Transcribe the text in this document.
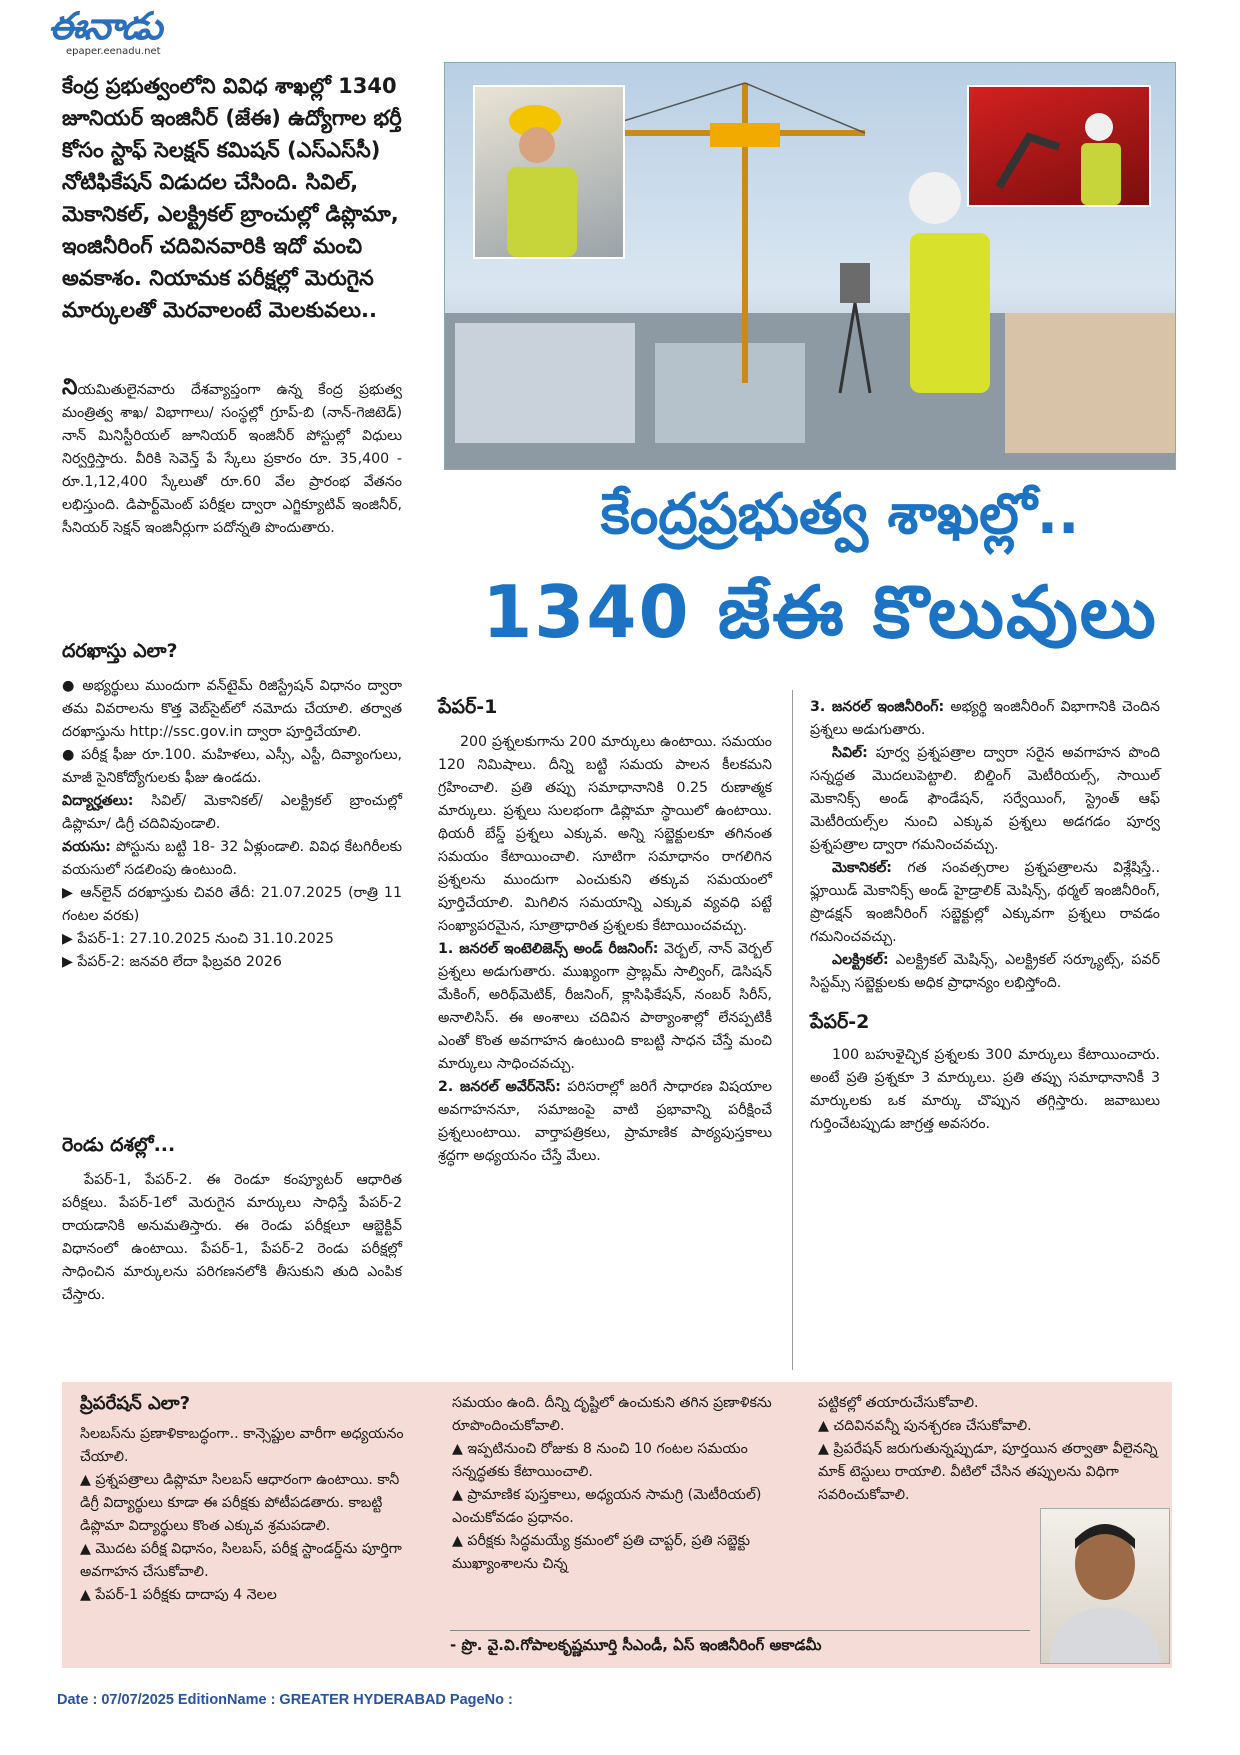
ఈనాడు
epaper.eenadu.net
కేంద్ర ప్రభుత్వంలోని వివిధ శాఖల్లో 1340 జూనియర్ ఇంజినీర్ (జేఈ) ఉద్యోగాల భర్తీ కోసం స్టాఫ్ సెలక్షన్ కమిషన్ (ఎస్ఎస్‌సీ) నోటిఫికేషన్ విడుదల చేసింది. సివిల్, మెకానికల్, ఎలక్ట్రికల్ బ్రాంచుల్లో డిప్లొమా, ఇంజినీరింగ్ చదివినవారికి ఇదో మంచి అవకాశం. నియామక పరీక్షల్లో మెరుగైన మార్కులతో మెరవాలంటే మెలకువలు..
నియమితులైనవారు దేశవ్యాప్తంగా ఉన్న కేంద్ర ప్రభుత్వ మంత్రిత్వ శాఖ/ విభాగాలు/ సంస్థల్లో గ్రూప్-బి (నాన్-గెజిటెడ్) నాన్ మినిస్టీరియల్ జూనియర్ ఇంజినీర్ పోస్టుల్లో విధులు నిర్వర్తిస్తారు. వీరికి సెవెన్త్ పే స్కేలు ప్రకారం రూ. 35,400 - రూ.1,12,400 స్కేలుతో రూ.60 వేల ప్రారంభ వేతనం లభిస్తుంది. డిపార్ట్‌మెంట్ పరీక్షల ద్వారా ఎగ్జిక్యూటివ్ ఇంజినీర్, సీనియర్ సెక్షన్ ఇంజినీర్లుగా పదోన్నతి పొందుతారు.
దరఖాస్తు ఎలా?

● అభ్యర్థులు ముందుగా వన్‌టైమ్ రిజిస్ట్రేషన్ విధానం ద్వారా తమ వివరాలను కొత్త వెబ్‌సైట్‌లో నమోదు చేయాలి. తర్వాత దరఖాస్తును http://ssc.gov.in ద్వారా పూర్తిచేయాలి.

● పరీక్ష ఫీజు రూ.100. మహిళలు, ఎస్సీ, ఎస్టీ, దివ్యాంగులు, మాజీ సైనికోద్యోగులకు ఫీజు ఉండదు.

విద్యార్హతలు: సివిల్/ మెకానికల్/ ఎలక్ట్రికల్ బ్రాంచుల్లో డిప్లొమా/ డిగ్రీ చదివివుండాలి.

వయసు: పోస్టును బట్టి 18- 32 ఏళ్లుండాలి. వివిధ కేటగిరీలకు వయసులో సడలింపు ఉంటుంది.

▶ ఆన్‌లైన్ దరఖాస్తుకు చివరి తేదీ: 21.07.2025 (రాత్రి 11 గంటల వరకు)

▶ పేపర్-1: 27.10.2025 నుంచి 31.10.2025

▶ పేపర్-2: జనవరి లేదా ఫిబ్రవరి 2026

రెండు దశల్లో...

పేపర్-1, పేపర్-2. ఈ రెండూ కంప్యూటర్ ఆధారిత పరీక్షలు. పేపర్-1లో మెరుగైన మార్కులు సాధిస్తే పేపర్-2 రాయడానికి అనుమతిస్తారు. ఈ రెండు పరీక్షలూ ఆబ్జెక్టివ్ విధానంలో ఉంటాయి. పేపర్-1, పేపర్-2 రెండు పరీక్షల్లో సాధించిన మార్కులను పరిగణనలోకి తీసుకుని తుది ఎంపిక చేస్తారు.

కేంద్రప్రభుత్వ శాఖల్లో..
1340 జేఈ కొలువులు
పేపర్-1

200 ప్రశ్నలకుగాను 200 మార్కులు ఉంటాయి. సమయం 120 నిమిషాలు. దీన్ని బట్టి సమయ పాలన కీలకమని గ్రహించాలి. ప్రతి తప్పు సమాధానానికి 0.25 రుణాత్మక మార్కులు. ప్రశ్నలు సులభంగా డిప్లొమా స్థాయిలో ఉంటాయి. థియరీ బేస్డ్ ప్రశ్నలు ఎక్కువ. అన్ని సబ్జెక్టులకూ తగినంత సమయం కేటాయించాలి. సూటిగా సమాధానం రాగలిగిన ప్రశ్నలను ముందుగా ఎంచుకుని తక్కువ సమయంలో పూర్తిచేయాలి. మిగిలిన సమయాన్ని ఎక్కువ వ్యవధి పట్టే సంఖ్యాపరమైన, సూత్రాధారిత ప్రశ్నలకు కేటాయించవచ్చు.

1. జనరల్ ఇంటెలిజెన్స్ అండ్ రీజనింగ్: వెర్బల్, నాన్ వెర్బల్ ప్రశ్నలు అడుగుతారు. ముఖ్యంగా ప్రాబ్లమ్ సాల్వింగ్, డెసిషన్ మేకింగ్, అరిథ్‌మెటిక్, రీజనింగ్, క్లాసిఫికేషన్, నంబర్ సిరీస్, అనాలిసిస్. ఈ అంశాలు చదివిన పాఠ్యాంశాల్లో లేనప్పటికీ ఎంతో కొంత అవగాహన ఉంటుంది కాబట్టి సాధన చేస్తే మంచి మార్కులు సాధించవచ్చు.

2. జనరల్ అవేర్‌నెస్: పరిసరాల్లో జరిగే సాధారణ విషయాల అవగాహననూ, సమాజంపై వాటి ప్రభావాన్ని పరీక్షించే ప్రశ్నలుంటాయి. వార్తాపత్రికలు, ప్రామాణిక పాఠ్యపుస్తకాలు శ్రద్ధగా అధ్యయనం చేస్తే మేలు.

3. జనరల్ ఇంజినీరింగ్: అభ్యర్థి ఇంజినీరింగ్ విభాగానికి చెందిన ప్రశ్నలు అడుగుతారు.

సివిల్: పూర్వ ప్రశ్నపత్రాల ద్వారా సరైన అవగాహన పొంది సన్నద్ధత మొదలుపెట్టాలి. బిల్డింగ్ మెటీరియల్స్, సాయిల్ మెకానిక్స్ అండ్ ఫౌండేషన్, సర్వేయింగ్, స్ట్రెంత్ ఆఫ్ మెటీరియల్స్‌ల నుంచి ఎక్కువ ప్రశ్నలు అడగడం పూర్వ ప్రశ్నపత్రాల ద్వారా గమనించవచ్చు.

మెకానికల్: గత సంవత్సరాల ప్రశ్నపత్రాలను విశ్లేషిస్తే.. ఫ్లూయిడ్ మెకానిక్స్ అండ్ హైడ్రాలిక్ మెషిన్స్, థర్మల్ ఇంజినీరింగ్, ప్రొడక్షన్ ఇంజినీరింగ్ సబ్జెక్టుల్లో ఎక్కువగా ప్రశ్నలు రావడం గమనించవచ్చు.

ఎలక్ట్రికల్: ఎలక్ట్రికల్ మెషిన్స్, ఎలక్ట్రికల్ సర్క్యూట్స్, పవర్ సిస్టమ్స్ సబ్జెక్టులకు అధిక ప్రాధాన్యం లభిస్తోంది.

పేపర్-2

100 బహుళైచ్ఛిక ప్రశ్నలకు 300 మార్కులు కేటాయించారు. అంటే ప్రతి ప్రశ్నకూ 3 మార్కులు. ప్రతి తప్పు సమాధానానికీ 3 మార్కులకు ఒక మార్కు చొప్పున తగ్గిస్తారు. జవాబులు గుర్తించేటప్పుడు జాగ్రత్త అవసరం.

ప్రిపరేషన్ ఎలా?
సిలబస్‌ను ప్రణాళికాబద్ధంగా.. కాన్సెప్టుల వారీగా అధ్యయనం చేయాలి.
▲ ప్రశ్నపత్రాలు డిప్లొమా సిలబస్ ఆధారంగా ఉంటాయి. కానీ డిగ్రీ విద్యార్థులు కూడా ఈ పరీక్షకు పోటీపడతారు. కాబట్టి డిప్లొమా విద్యార్థులు కొంత ఎక్కువ శ్రమపడాలి.
▲ మొదట పరీక్ష విధానం, సిలబస్, పరీక్ష స్టాండర్డ్‌ను పూర్తిగా అవగాహన చేసుకోవాలి.
▲ పేపర్-1 పరీక్షకు దాదాపు 4 నెలల
సమయం ఉంది. దీన్ని దృష్టిలో ఉంచుకుని తగిన ప్రణాళికను రూపొందించుకోవాలి.
▲ ఇప్పటినుంచి రోజుకు 8 నుంచి 10 గంటల సమయం సన్నద్ధతకు కేటాయించాలి.
▲ ప్రామాణిక పుస్తకాలు, అధ్యయన సామగ్రి (మెటీరియల్) ఎంచుకోవడం ప్రధానం.
▲ పరీక్షకు సిద్ధమయ్యే క్రమంలో ప్రతి చాప్టర్, ప్రతి సబ్జెక్టు ముఖ్యాంశాలను చిన్న
పట్టికల్లో తయారుచేసుకోవాలి.
▲ చదివినవన్నీ పునశ్చరణ చేసుకోవాలి.
▲ ప్రిపరేషన్ జరుగుతున్నప్పుడూ, పూర్తయిన తర్వాతా వీలైనన్ని మాక్ టెస్టులు రాయాలి. వీటిలో చేసిన తప్పులను విధిగా సవరించుకోవాలి.
- ప్రొ. వై.వి.గోపాలకృష్ణమూర్తి సీఎండీ, ఏస్ ఇంజినీరింగ్ అకాడమీ
Date : 07/07/2025 EditionName : GREATER HYDERABAD PageNo :
